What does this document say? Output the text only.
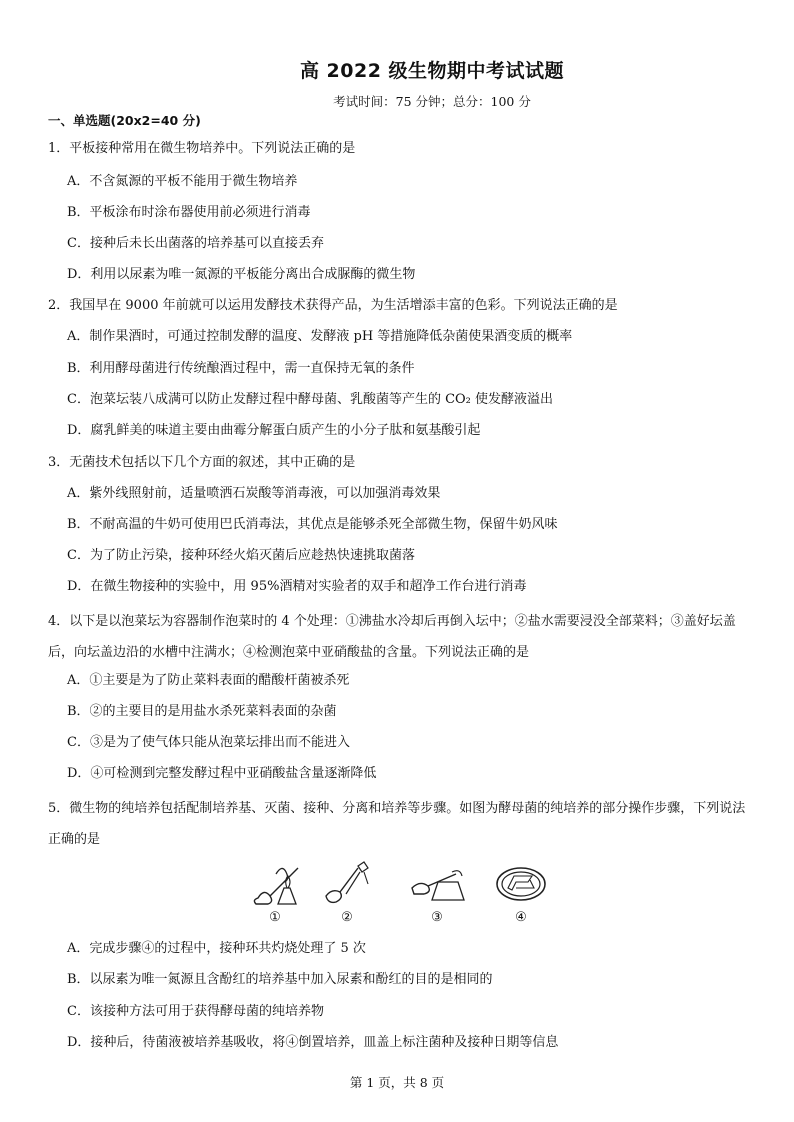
高 2022 级生物期中考试试题
考试时间：75 分钟；总分：100 分
一、单选题(20x2=40 分)
1．平板接种常用在微生物培养中。下列说法正确的是
A．不含氮源的平板不能用于微生物培养
B．平板涂布时涂布器使用前必须进行消毒
C．接种后未长出菌落的培养基可以直接丢弃
D．利用以尿素为唯一氮源的平板能分离出合成脲酶的微生物
2．我国早在 9000 年前就可以运用发酵技术获得产品，为生活增添丰富的色彩。下列说法正确的是
A．制作果酒时，可通过控制发酵的温度、发酵液 pH 等措施降低杂菌使果酒变质的概率
B．利用酵母菌进行传统酿酒过程中，需一直保持无氧的条件
C．泡菜坛装八成满可以防止发酵过程中酵母菌、乳酸菌等产生的 CO₂ 使发酵液溢出
D．腐乳鲜美的味道主要由曲霉分解蛋白质产生的小分子肽和氨基酸引起
3．无菌技术包括以下几个方面的叙述，其中正确的是
A．紫外线照射前，适量喷洒石炭酸等消毒液，可以加强消毒效果
B．不耐高温的牛奶可使用巴氏消毒法，其优点是能够杀死全部微生物，保留牛奶风味
C．为了防止污染，接种环经火焰灭菌后应趁热快速挑取菌落
D．在微生物接种的实验中，用 95%酒精对实验者的双手和超净工作台进行消毒
4．以下是以泡菜坛为容器制作泡菜时的 4 个处理：①沸盐水冷却后再倒入坛中；②盐水需要浸没全部菜料；③盖好坛盖后，向坛盖边沿的水槽中注满水；④检测泡菜中亚硝酸盐的含量。下列说法正确的是
A．①主要是为了防止菜料表面的醋酸杆菌被杀死
B．②的主要目的是用盐水杀死菜料表面的杂菌
C．③是为了使气体只能从泡菜坛排出而不能进入
D．④可检测到完整发酵过程中亚硝酸盐含量逐渐降低
5．微生物的纯培养包括配制培养基、灭菌、接种、分离和培养等步骤。如图为酵母菌的纯培养的部分操作步骤，下列说法正确的是
①	②	③	④
A．完成步骤④的过程中，接种环共灼烧处理了 5 次
B．以尿素为唯一氮源且含酚红的培养基中加入尿素和酚红的目的是相同的
C．该接种方法可用于获得酵母菌的纯培养物
D．接种后，待菌液被培养基吸收，将④倒置培养，皿盖上标注菌种及接种日期等信息
第 1 页，共 8 页
